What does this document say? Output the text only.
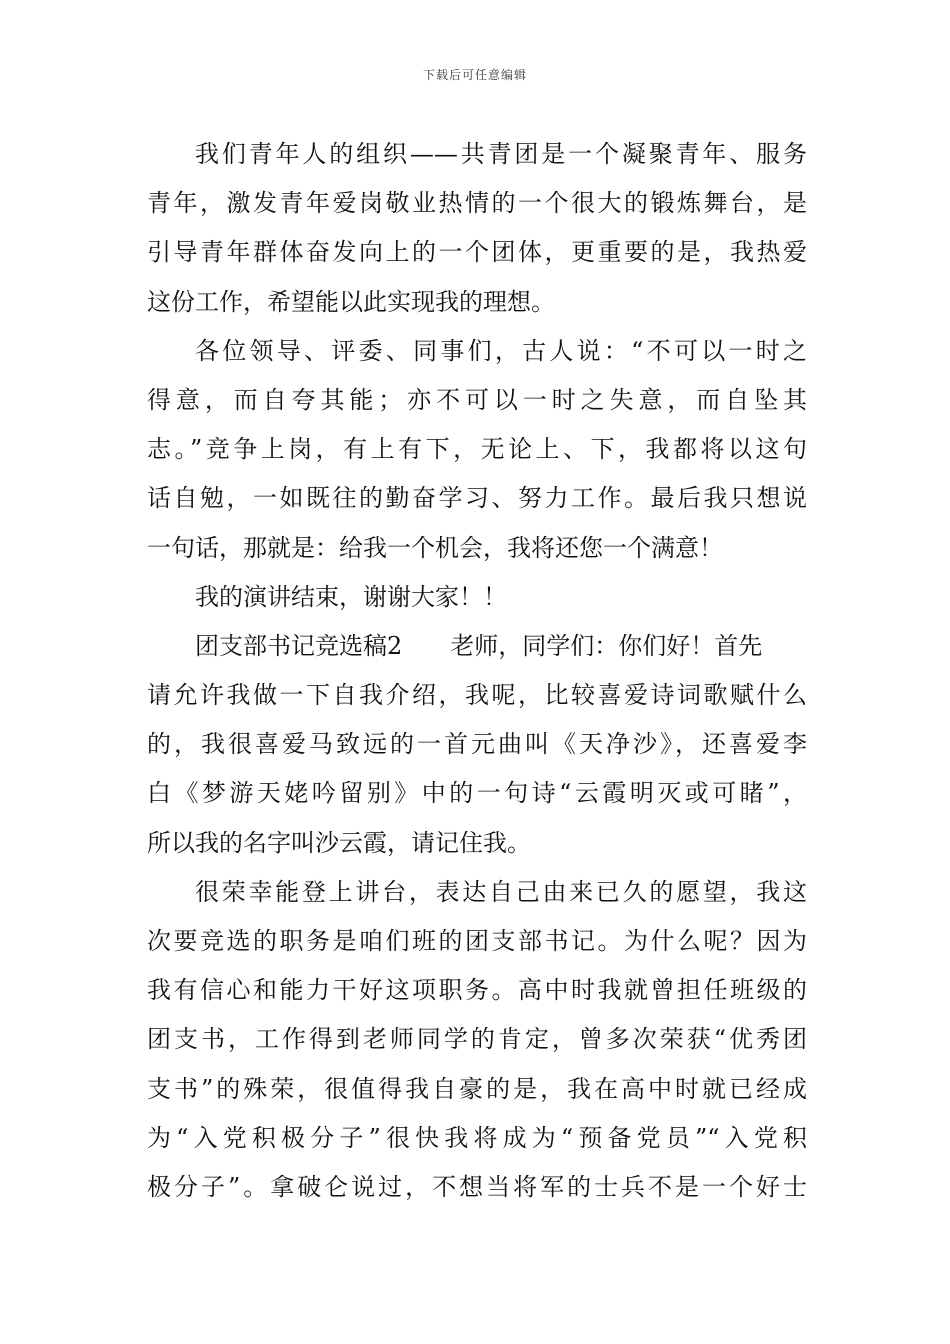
下载后可任意编辑
我们青年人的组织——共青团是一个凝聚青年、服务
青年，激发青年爱岗敬业热情的一个很大的锻炼舞台，是
引导青年群体奋发向上的一个团体，更重要的是，我热爱
这份工作，希望能以此实现我的理想。
各位领导、评委、同事们，古人说：“不可以一时之
得意，而自夸其能；亦不可以一时之失意，而自坠其
志。”竞争上岗，有上有下，无论上、下，我都将以这句
话自勉，一如既往的勤奋学习、努力工作。最后我只想说
一句话，那就是：给我一个机会，我将还您一个满意！
我的演讲结束，谢谢大家！！
团支部书记竞选稿2 老师，同学们：你们好！首先
请允许我做一下自我介绍，我呢，比较喜爱诗词歌赋什么
的，我很喜爱马致远的一首元曲叫《天净沙》，还喜爱李
白《梦游天姥吟留别》中的一句诗“云霞明灭或可睹”，
所以我的名字叫沙云霞，请记住我。
很荣幸能登上讲台，表达自己由来已久的愿望，我这
次要竞选的职务是咱们班的团支部书记。为什么呢？因为
我有信心和能力干好这项职务。高中时我就曾担任班级的
团支书，工作得到老师同学的肯定，曾多次荣获“优秀团
支书”的殊荣，很值得我自豪的是，我在高中时就已经成
为“入党积极分子”很快我将成为“预备党员”“入党积
极分子”。拿破仑说过，不想当将军的士兵不是一个好士
